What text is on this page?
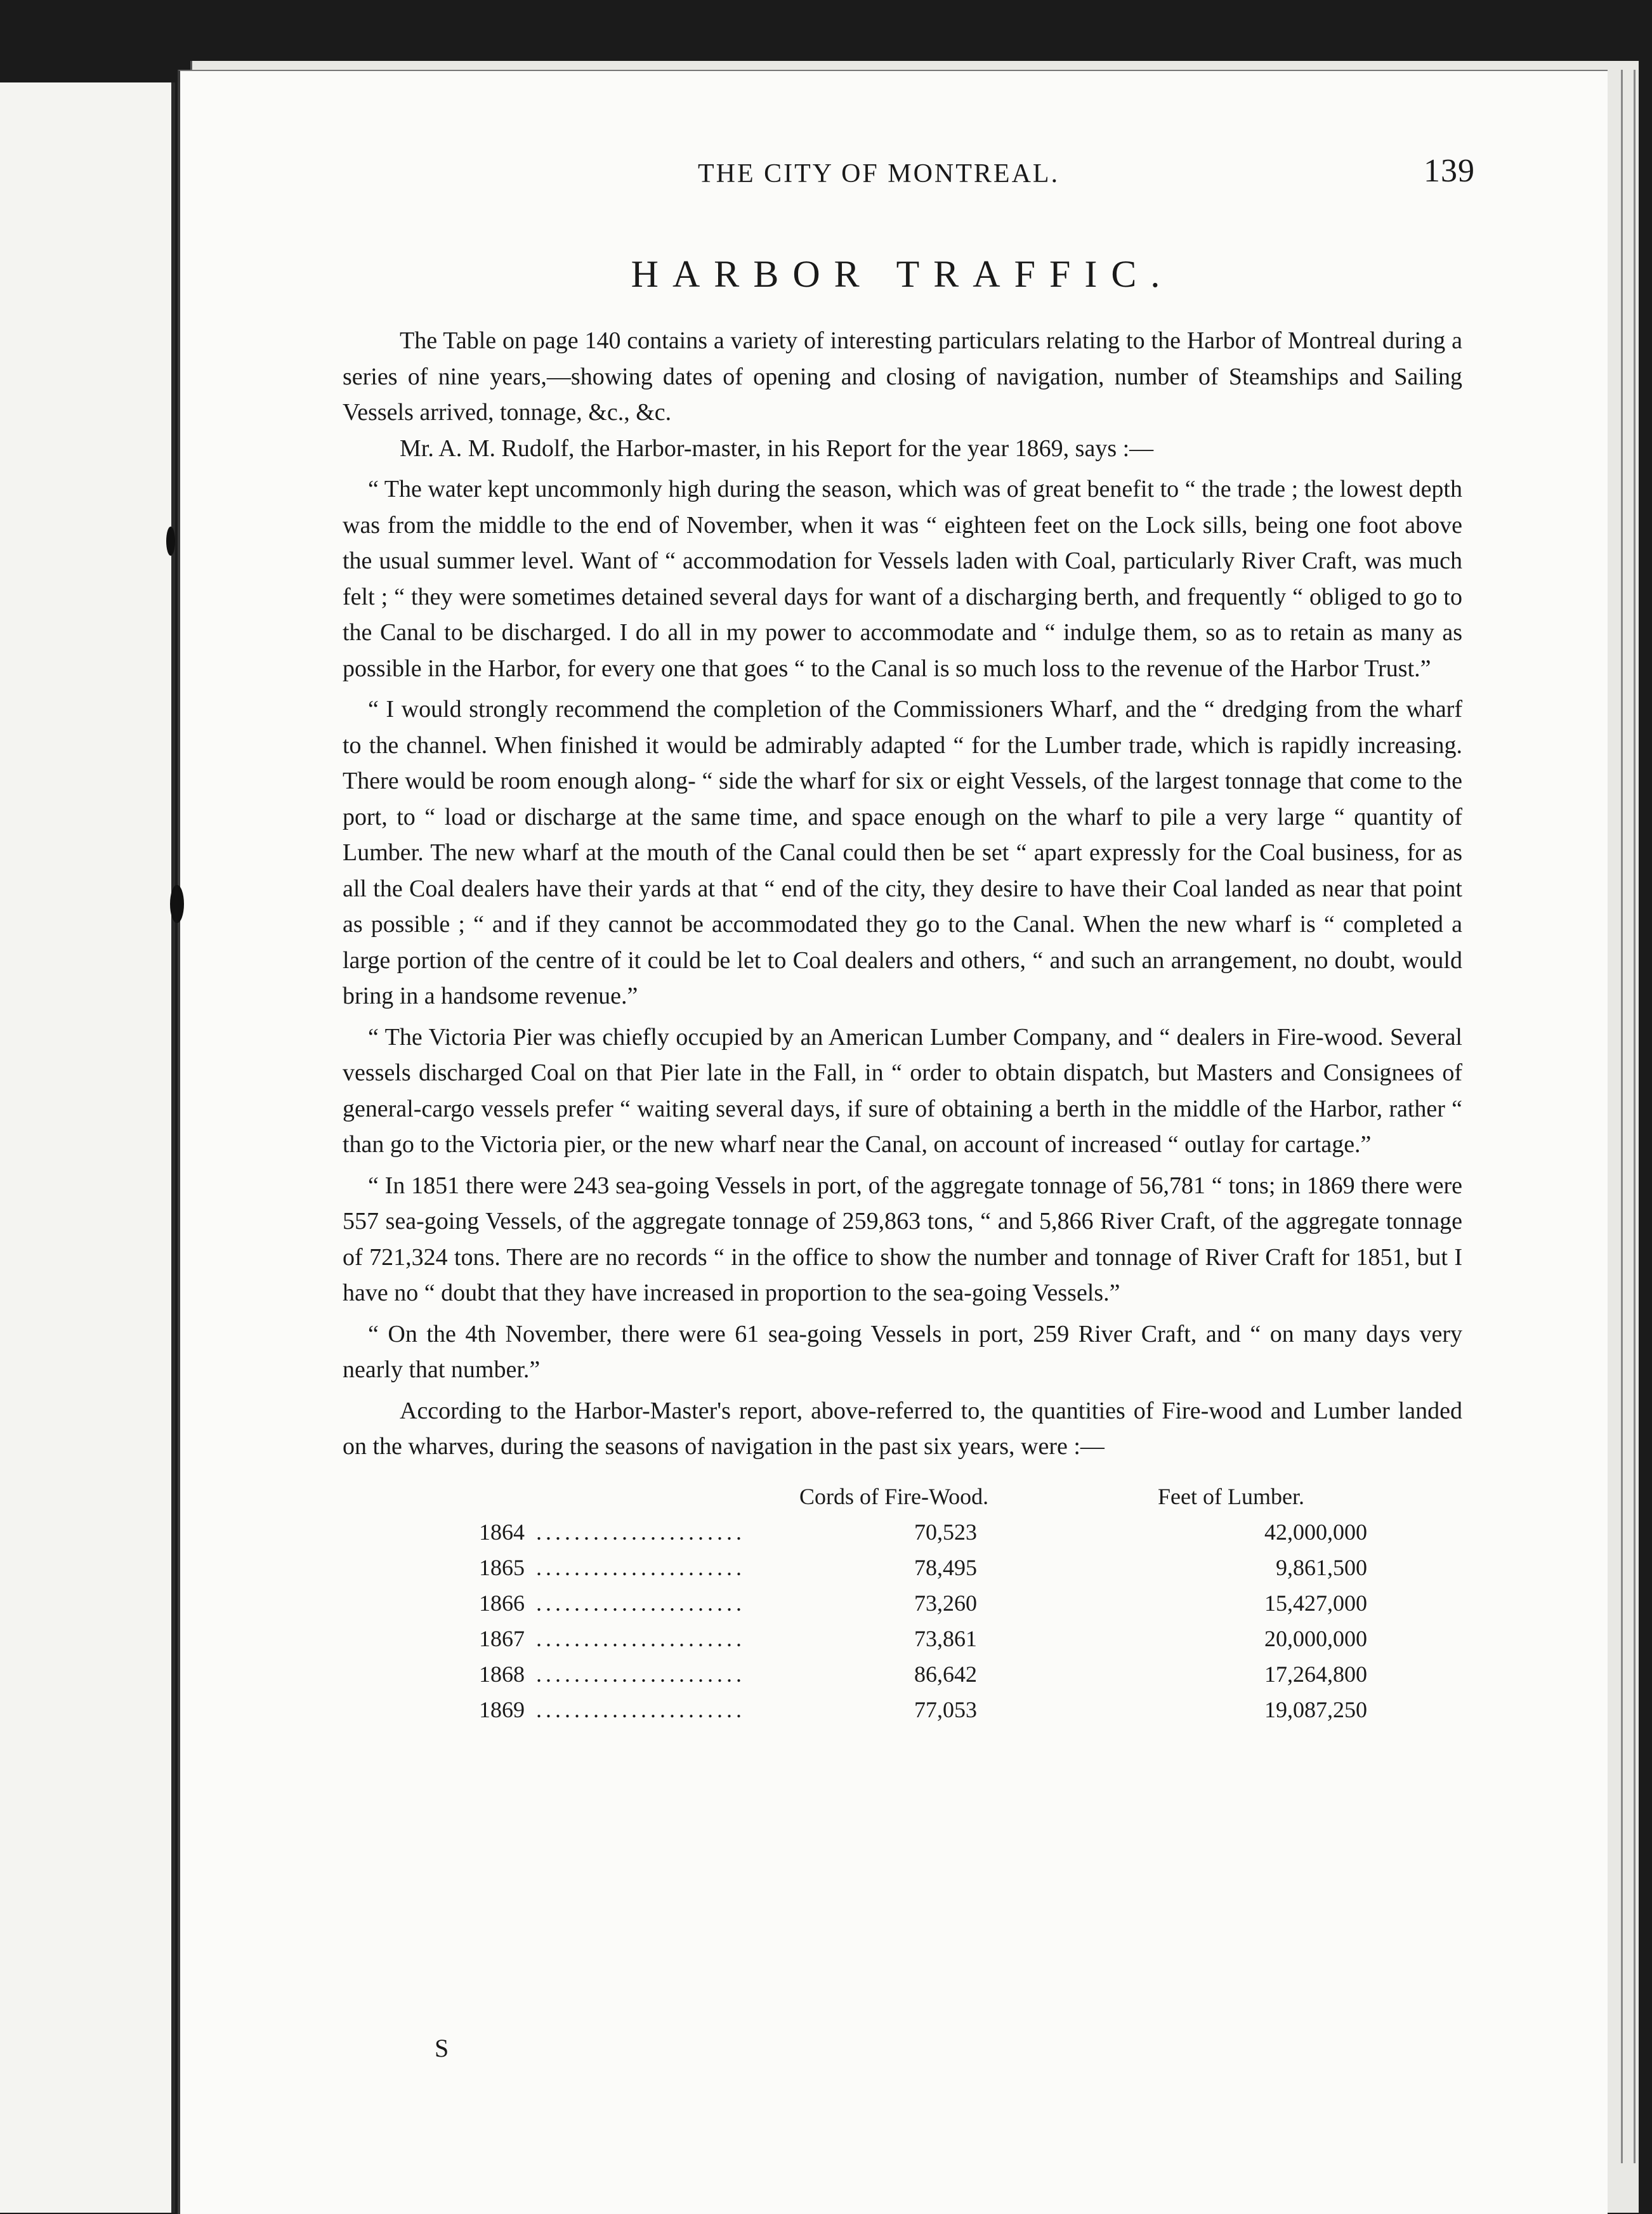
THE CITY OF MONTREAL.	139
HARBOR TRAFFIC.

The Table on page 140 contains a variety of interesting particulars relating to the Harbor of Montreal during a series of nine years,—showing dates of opening and closing of navigation, number of Steamships and Sailing Vessels arrived, tonnage, &c., &c.

Mr. A. M. Rudolf, the Harbor-master, in his Report for the year 1869, says :—

“ The water kept uncommonly high during the season, which was of great benefit to “ the trade ; the lowest depth was from the middle to the end of November, when it was “ eighteen feet on the Lock sills, being one foot above the usual summer level. Want of “ accommodation for Vessels laden with Coal, particularly River Craft, was much felt ; “ they were sometimes detained several days for want of a discharging berth, and frequently “ obliged to go to the Canal to be discharged. I do all in my power to accommodate and “ indulge them, so as to retain as many as possible in the Harbor, for every one that goes “ to the Canal is so much loss to the revenue of the Harbor Trust.”

“ I would strongly recommend the completion of the Commissioners Wharf, and the “ dredging from the wharf to the channel. When finished it would be admirably adapted “ for the Lumber trade, which is rapidly increasing. There would be room enough along- “ side the wharf for six or eight Vessels, of the largest tonnage that come to the port, to “ load or discharge at the same time, and space enough on the wharf to pile a very large “ quantity of Lumber. The new wharf at the mouth of the Canal could then be set “ apart expressly for the Coal business, for as all the Coal dealers have their yards at that “ end of the city, they desire to have their Coal landed as near that point as possible ; “ and if they cannot be accommodated they go to the Canal. When the new wharf is “ completed a large portion of the centre of it could be let to Coal dealers and others, “ and such an arrangement, no doubt, would bring in a handsome revenue.”

“ The Victoria Pier was chiefly occupied by an American Lumber Company, and “ dealers in Fire-wood. Several vessels discharged Coal on that Pier late in the Fall, in “ order to obtain dispatch, but Masters and Consignees of general-cargo vessels prefer “ waiting several days, if sure of obtaining a berth in the middle of the Harbor, rather “ than go to the Victoria pier, or the new wharf near the Canal, on account of increased “ outlay for cartage.”

“ In 1851 there were 243 sea-going Vessels in port, of the aggregate tonnage of 56,781 “ tons; in 1869 there were 557 sea-going Vessels, of the aggregate tonnage of 259,863 tons, “ and 5,866 River Craft, of the aggregate tonnage of 721,324 tons. There are no records “ in the office to show the number and tonnage of River Craft for 1851, but I have no “ doubt that they have increased in proportion to the sea-going Vessels.”

“ On the 4th November, there were 61 sea-going Vessels in port, 259 River Craft, and “ on many days very nearly that number.”

According to the Harbor-Master's report, above-referred to, the quantities of Fire-wood and Lumber landed on the wharves, during the seasons of navigation in the past six years, were :—

Cords of Fire-Wood.	Feet of Lumber.
1864 ......................	70,523	42,000,000
1865 ......................	78,495	9,861,500
1866 ......................	73,260	15,427,000
1867 ......................	73,861	20,000,000
1868 ......................	86,642	17,264,800
1869 ......................	77,053	19,087,250
S
